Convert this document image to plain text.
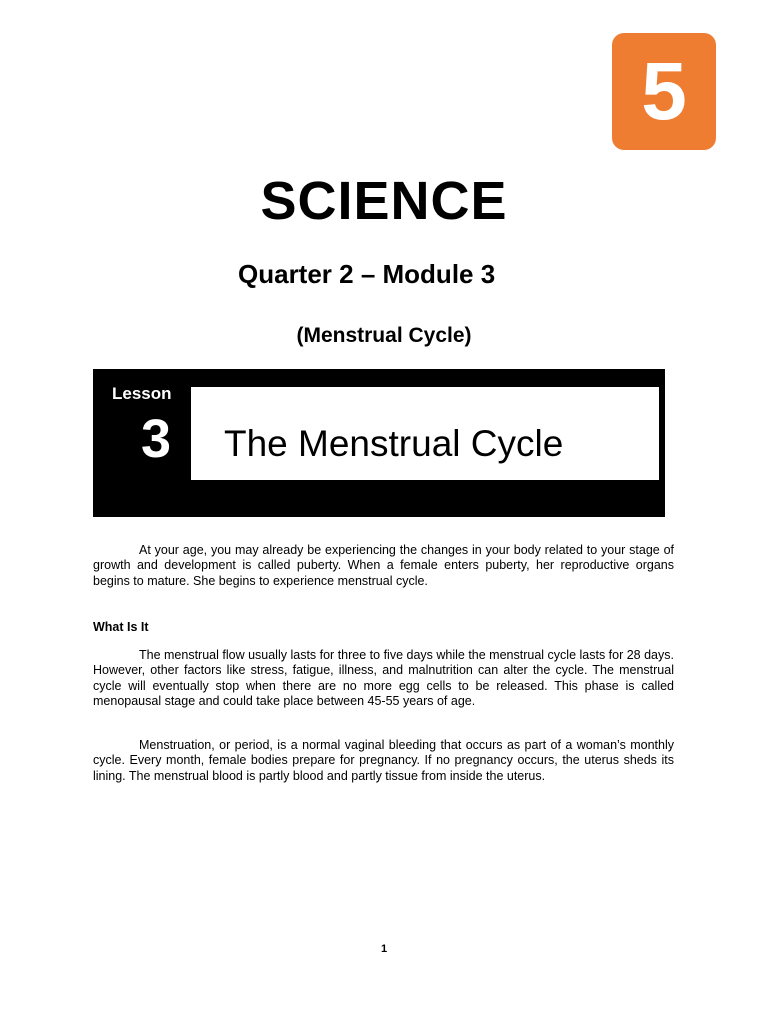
5
SCIENCE
Quarter 2 – Module 3
(Menstrual Cycle)
Lesson
3	The Menstrual Cycle

At your age, you may already be experiencing the changes in your body related to your stage of growth and development is called puberty. When a female enters puberty, her reproductive organs begins to mature. She begins to experience menstrual cycle.

What Is It

The menstrual flow usually lasts for three to five days while the menstrual cycle lasts for 28 days. However, other factors like stress, fatigue, illness, and malnutrition can alter the cycle. The menstrual cycle will eventually stop when there are no more egg cells to be released. This phase is called menopausal stage and could take place between 45-55 years of age.

Menstruation, or period, is a normal vaginal bleeding that occurs as part of a woman’s monthly cycle. Every month, female bodies prepare for pregnancy. If no pregnancy occurs, the uterus sheds its lining. The menstrual blood is partly blood and partly tissue from inside the uterus.

1
